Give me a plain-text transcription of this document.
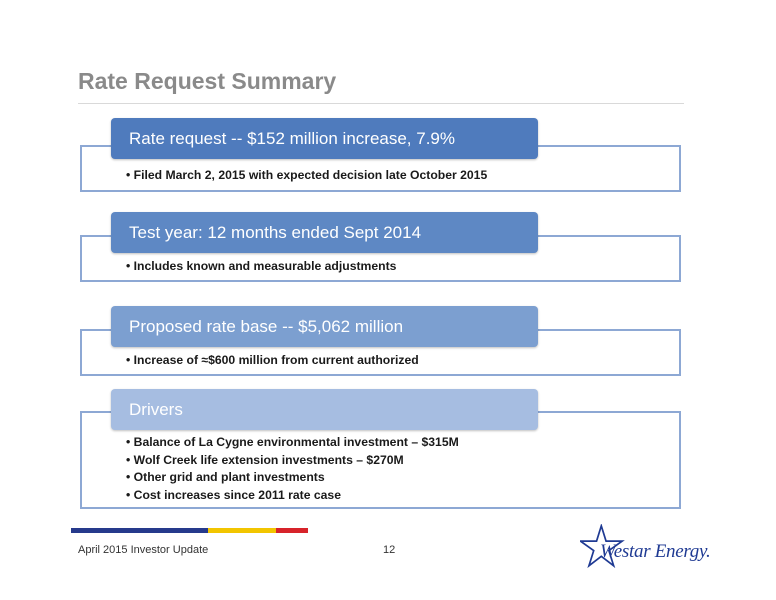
Rate Request Summary
Rate request -- $152 million increase, 7.9%
• Filed March 2, 2015 with expected decision late October 2015
Test year: 12 months ended Sept 2014
• Includes known and measurable adjustments
Proposed rate base -- $5,062 million
• Increase of ≈$600 million from current authorized
Drivers
• Balance of La Cygne environmental investment – $315M
• Wolf Creek life extension investments – $270M
• Other grid and plant investments
• Cost increases since 2011 rate case
April 2015 Investor Update	12	Westar Energy.
